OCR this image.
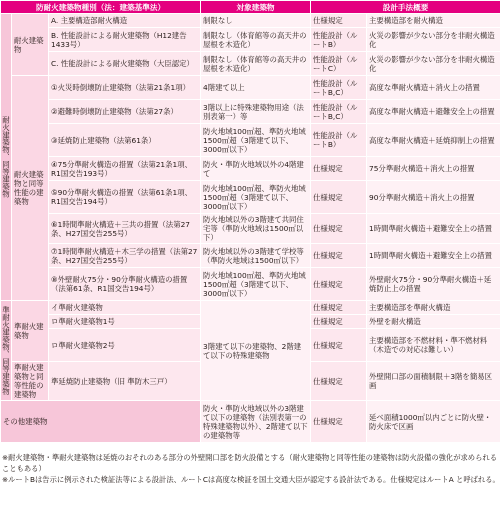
防耐火建築物種別（法：建築基準法）			対象建築物	設計手法概要	
耐火建築物、同等建築物	耐火建築物	A. 主要構造部耐火構造	制限なし	仕様規定	主要構造部を耐火構造
		B. 性能設計による耐火建築物（H12建告1433号）	制限なし（体育館等の高天井の屋根を木造化）	性能設計（ルートB）	火災の影響が少ない部分を非耐火構造化
		C. 性能設計による耐火建築物（大臣認定）	制限なし（体育館等の高天井の屋根を木造化）	性能設計（ルートC）	火災の影響が少ない部分を非耐火構造化
	耐火建築物と同等性能の建築物	①火災時倒壊防止建築物（法第21条1項）	4階建て以上	性能設計（ルートB,C）	高度な準耐火構造＋消火上の措置
		②避難時倒壊防止建築物（法第27条）	3階以上に特殊建築物用途（法別表第一）等	性能設計（ルートB,C）	高度な準耐火構造＋避難安全上の措置
		③延焼防止建築物（法第61条）	防火地域100㎡超、準防火地域1500㎡超（3階建て以下、3000㎡以下）	性能設計（ルートB）	高度な準耐火構造＋延焼抑制上の措置
		④75分準耐火構造の措置（法第21条1項、R1国交告193号）	防火・準防火地域以外の4階建て	仕様規定	75分準耐火構造＋消火上の措置
		⑤90分準耐火構造の措置（法第61条1項、R1国交告194号）	防火地域100㎡超、準防火地域1500㎡超（3階建て以下、3000㎡以下）	仕様規定	90分準耐火構造＋消火上の措置
		⑥1時間準耐火構造＋三共の措置（法第27条、H27国交告255号）	防火地域以外の3階建て共同住宅等（準防火地域は1500㎡以下）	仕様規定	1時間準耐火構造＋避難安全上の措置
		⑦1時間準耐火構造＋木三学の措置（法第27条、H27国交告255号）	防火地域以外の3階建て学校等（準防火地域は1500㎡以下）	仕様規定	1時間準耐火構造＋避難安全上の措置
		⑧外壁耐火75分・90分準耐火構造の措置（法第61条、R1国交告194号）	防火地域100㎡超、準防火地域1500㎡超（3階建て以下、3000㎡以下）	仕様規定	外壁耐火75分・90分準耐火構造＋延焼防止上の措置
準耐火建築物、同等建築物	準耐火建築物	イ準耐火建築物	3階建て以下の建築物、2階建て以下の特殊建築物	仕様規定	主要構造部を準耐火構造
		ロ準耐火建築物1号		仕様規定	外壁を耐火構造
		ロ準耐火建築物2号		仕様規定	主要構造部を不燃材料・準不燃材料（木造での対応は難しい）
	準耐火建築物と同等性能の建築物	準延焼防止建築物（旧 準防木三戸）		仕様規定	外壁開口部の面積制限＋3階を簡易区画
その他建築物			防火・準防火地域以外の3階建て以下の建築物（法別表第一の特殊建築物以外）、2階建て以下の建築物等	仕様規定	延べ面積1000㎡以内ごとに防火壁・防火床で区画
※耐火建築物・準耐火建築物は延焼のおそれのある部分の外壁開口部を防火設備とする（耐火建築物と同等性能の建築物は防火設備の強化が求められることもある）
※ルートBは告示に例示された検証法等による設計法、ルートCは高度な検証を国土交通大臣が認定する設計法である。仕様規定はルートA と呼ばれる。
